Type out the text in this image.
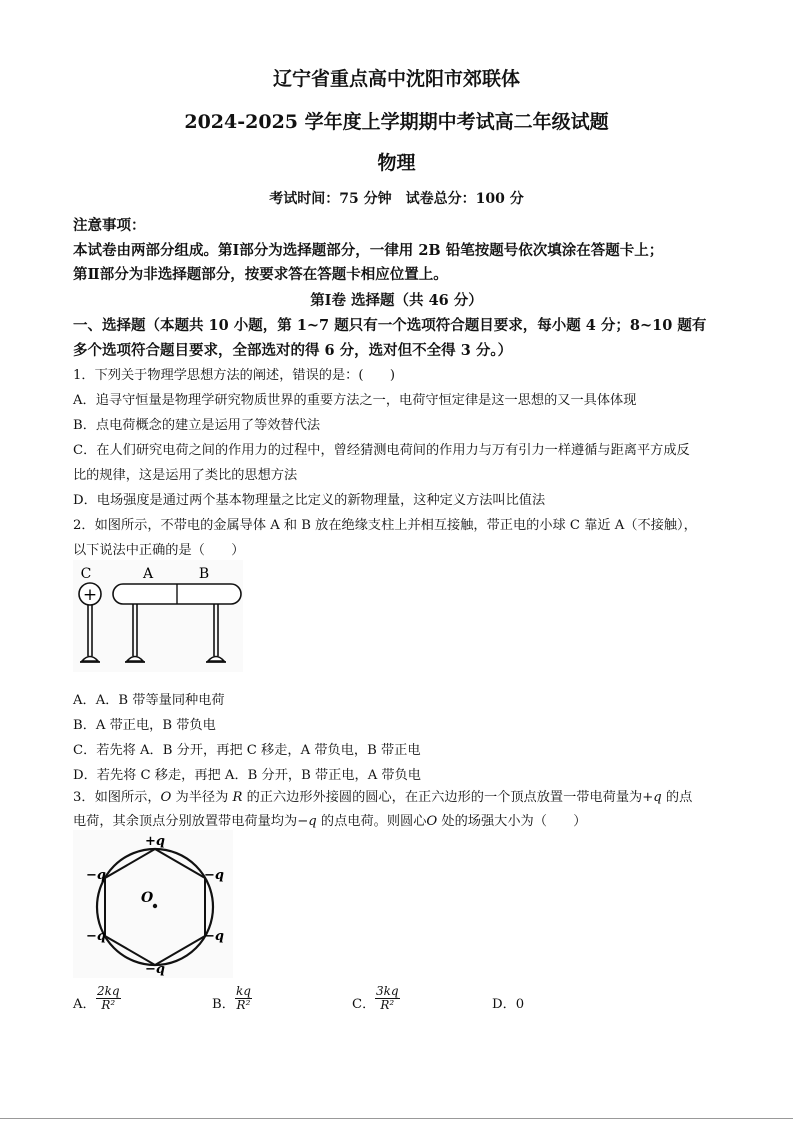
辽宁省重点高中沈阳市郊联体
2024-2025 学年度上学期期中考试高二年级试题
物理
考试时间：75 分钟　试卷总分：100 分
注意事项：
本试卷由两部分组成。第Ⅰ部分为选择题部分，一律用 2B 铅笔按题号依次填涂在答题卡上；
第Ⅱ部分为非选择题部分，按要求答在答题卡相应位置上。
第Ⅰ卷 选择题（共 46 分）
一、选择题（本题共 10 小题，第 1~7 题只有一个选项符合题目要求，每小题 4 分；8~10 题有
多个选项符合题目要求，全部选对的得 6 分，选对但不全得 3 分。）
1．下列关于物理学思想方法的阐述，错误的是：(　　)
A．追寻守恒量是物理学研究物质世界的重要方法之一，电荷守恒定律是这一思想的又一具体体现
B．点电荷概念的建立是运用了等效替代法
C．在人们研究电荷之间的作用力的过程中，曾经猜测电荷间的作用力与万有引力一样遵循与距离平方成反
比的规律，这是运用了类比的思想方法
D．电场强度是通过两个基本物理量之比定义的新物理量，这种定义方法叫比值法
2．如图所示，不带电的金属导体 A 和 B 放在绝缘支柱上并相互接触，带正电的小球 C 靠近 A（不接触），
以下说法中正确的是（　　）
C	A	B
+
A．A．B 带等量同种电荷
B．A 带正电，B 带负电
C．若先将 A．B 分开，再把 C 移走，A 带负电，B 带正电
D．若先将 C 移走，再把 A．B 分开，B 带正电，A 带负电
3．如图所示，O 为半径为 R 的正六边形外接圆的圆心，在正六边形的一个顶点放置一带电荷量为+q 的点
电荷，其余顶点分别放置带电荷量均为−q 的点电荷。则圆心O 处的场强大小为（　　）
+q
−q	−q
−q	−q
−q
O
A． $\frac{2kq}{\text{R²}}$	B． $\frac{kq}{\text{R²}}$	C． $\frac{3kq}{\text{R²}}$	D．0
